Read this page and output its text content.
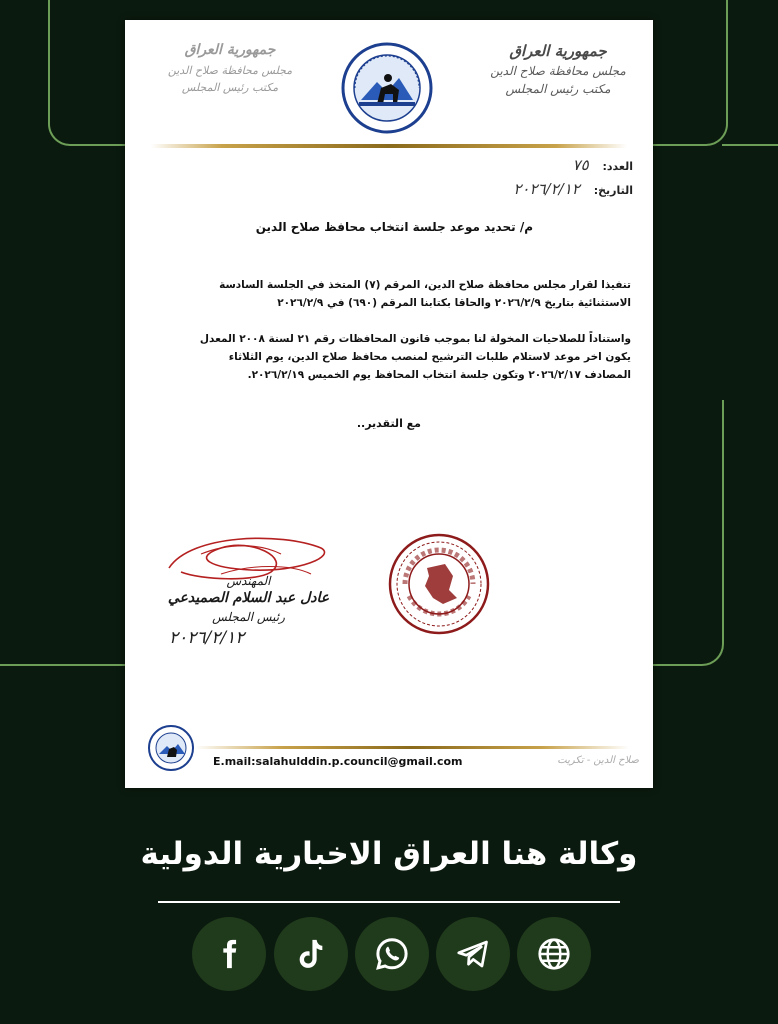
جمهورية العراق
مجلس محافظة صلاح الدين
مكتب رئيس المجلس
جمهورية العراق
مجلس محافظة صلاح الدين
مكتب رئيس المجلس
العدد: ٧٥
التاريخ: ٢٠٢٦/٢/١٢
م/ تحديد موعد جلسة انتخاب محافظ صلاح الدين
تنفيذا لقرار مجلس محافظة صلاح الدين، المرقم (٧) المتخذ في الجلسة السادسة الاستثنائية بتاريخ ٢٠٢٦/٢/٩ والحاقا بكتابنا المرقم (٦٩٠) في ٢٠٢٦/٢/٩
واستناداً للصلاحيات المخولة لنا بموجب قانون المحافظات رقم ٢١ لسنة ٢٠٠٨ المعدل يكون اخر موعد لاستلام طلبات الترشيح لمنصب محافظ صلاح الدين، يوم الثلاثاء المصادف ٢٠٢٦/٢/١٧ وتكون جلسة انتخاب المحافظ يوم الخميس ٢٠٢٦/٢/١٩.
مع التقدير..
المهندس
عادل عبد السلام الصميدعي
رئيس المجلس
٢٠٢٦/٢/١٢
E.mail:salahulddin.p.council@gmail.com	صلاح الدين - تكريت
وكالة هنا العراق الاخبارية الدولية
